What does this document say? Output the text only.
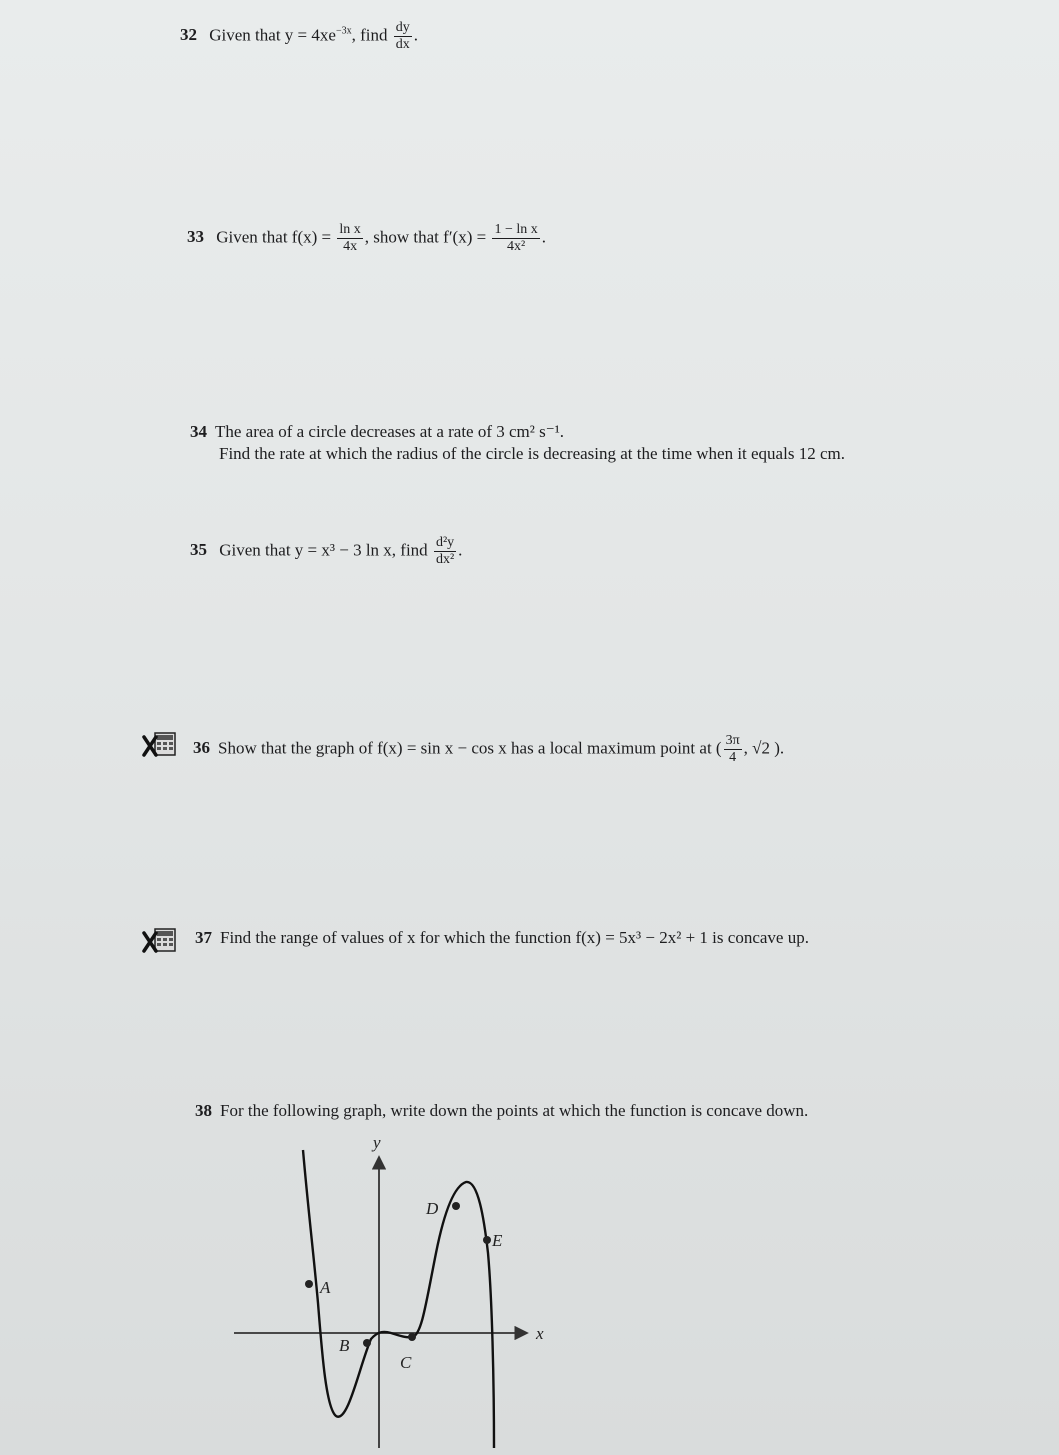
32 Given that $y = 4xe^{-3x}$, find $\frac{dy}{dx}$ .
33 Given that $f(x) = \frac{\text{ln x}}{4x}$ , show that $f'(x) = \frac{\text{1 − ln x}}{\text{4x²}}$ .
34 The area of a circle decreases at a rate of 3 cm² s⁻¹.
Find the rate at which the radius of the circle is decreasing at the time when it equals 12 cm.
35 Given that y = x³ − 3 ln x, find $\frac{\text{d²y}}{\text{dx²}}$ .
36 Show that the graph of f(x) = sin x − cos x has a local maximum point at ( $\frac{3\pi}{4}$ , √2 ).
37 Find the range of values of x for which the function f(x) = 5x³ − 2x² + 1 is concave up.
38 For the following graph, write down the points at which the function is concave down.
y
x
A
B
C
D
E
